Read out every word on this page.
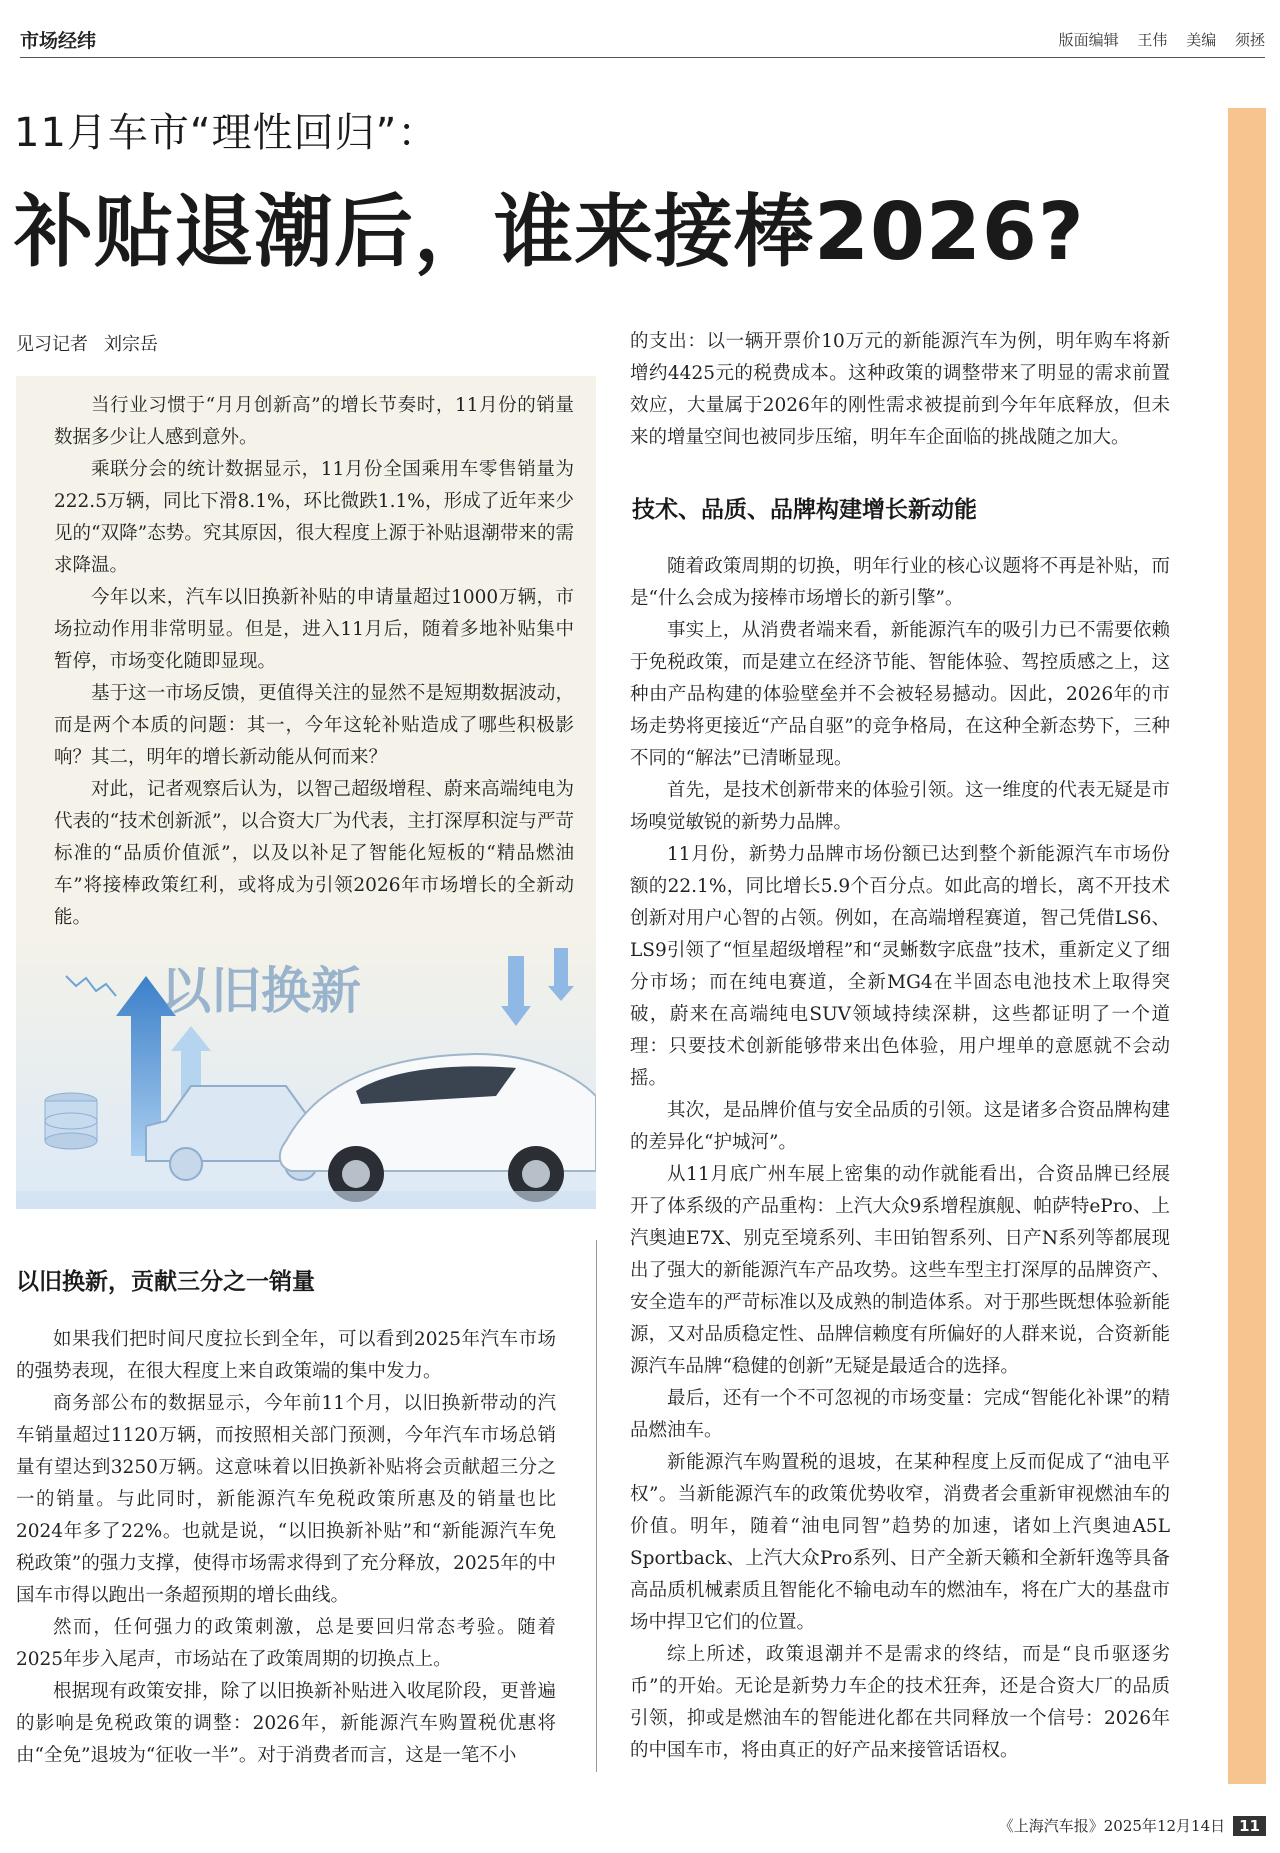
市场经纬	版面编辑 王伟 美编 须拯
11月车市“理性回归”：
补贴退潮后，谁来接棒2026?
见习记者 刘宗岳

当行业习惯于“月月创新高”的增长节奏时，11月份的销量数据多少让人感到意外。

乘联分会的统计数据显示，11月份全国乘用车零售销量为222.5万辆，同比下滑8.1%，环比微跌1.1%，形成了近年来少见的“双降”态势。究其原因，很大程度上源于补贴退潮带来的需求降温。

今年以来，汽车以旧换新补贴的申请量超过1000万辆，市场拉动作用非常明显。但是，进入11月后，随着多地补贴集中暂停，市场变化随即显现。

基于这一市场反馈，更值得关注的显然不是短期数据波动，而是两个本质的问题：其一，今年这轮补贴造成了哪些积极影响？其二，明年的增长新动能从何而来？

对此，记者观察后认为，以智己超级增程、蔚来高端纯电为代表的“技术创新派”，以合资大厂为代表，主打深厚积淀与严苛标准的“品质价值派”，以及以补足了智能化短板的“精品燃油车”将接棒政策红利，或将成为引领2026年市场增长的全新动能。

以旧换新
以旧换新，贡献三分之一销量

如果我们把时间尺度拉长到全年，可以看到2025年汽车市场的强势表现，在很大程度上来自政策端的集中发力。

商务部公布的数据显示，今年前11个月，以旧换新带动的汽车销量超过1120万辆，而按照相关部门预测，今年汽车市场总销量有望达到3250万辆。这意味着以旧换新补贴将会贡献超三分之一的销量。与此同时，新能源汽车免税政策所惠及的销量也比2024年多了22%。也就是说，“以旧换新补贴”和“新能源汽车免税政策”的强力支撑，使得市场需求得到了充分释放，2025年的中国车市得以跑出一条超预期的增长曲线。

然而，任何强力的政策刺激，总是要回归常态考验。随着2025年步入尾声，市场站在了政策周期的切换点上。

根据现有政策安排，除了以旧换新补贴进入收尾阶段，更普遍的影响是免税政策的调整：2026年，新能源汽车购置税优惠将由“全免”退坡为“征收一半”。对于消费者而言，这是一笔不小

的支出：以一辆开票价10万元的新能源汽车为例，明年购车将新增约4425元的税费成本。这种政策的调整带来了明显的需求前置效应，大量属于2026年的刚性需求被提前到今年年底释放，但未来的增量空间也被同步压缩，明年车企面临的挑战随之加大。

技术、品质、品牌构建增长新动能

随着政策周期的切换，明年行业的核心议题将不再是补贴，而是“什么会成为接棒市场增长的新引擎”。

事实上，从消费者端来看，新能源汽车的吸引力已不需要依赖于免税政策，而是建立在经济节能、智能体验、驾控质感之上，这种由产品构建的体验壁垒并不会被轻易撼动。因此，2026年的市场走势将更接近“产品自驱”的竞争格局，在这种全新态势下，三种不同的“解法”已清晰显现。

首先，是技术创新带来的体验引领。这一维度的代表无疑是市场嗅觉敏锐的新势力品牌。

11月份，新势力品牌市场份额已达到整个新能源汽车市场份额的22.1%，同比增长5.9个百分点。如此高的增长，离不开技术创新对用户心智的占领。例如，在高端增程赛道，智己凭借LS6、LS9引领了“恒星超级增程”和“灵蜥数字底盘”技术，重新定义了细分市场；而在纯电赛道，全新MG4在半固态电池技术上取得突破，蔚来在高端纯电SUV领域持续深耕，这些都证明了一个道理：只要技术创新能够带来出色体验，用户埋单的意愿就不会动摇。

其次，是品牌价值与安全品质的引领。这是诸多合资品牌构建的差异化“护城河”。

从11月底广州车展上密集的动作就能看出，合资品牌已经展开了体系级的产品重构：上汽大众9系增程旗舰、帕萨特ePro、上汽奥迪E7X、别克至境系列、丰田铂智系列、日产N系列等都展现出了强大的新能源汽车产品攻势。这些车型主打深厚的品牌资产、安全造车的严苛标准以及成熟的制造体系。对于那些既想体验新能源，又对品质稳定性、品牌信赖度有所偏好的人群来说，合资新能源汽车品牌“稳健的创新”无疑是最适合的选择。

最后，还有一个不可忽视的市场变量：完成“智能化补课”的精品燃油车。

新能源汽车购置税的退坡，在某种程度上反而促成了“油电平权”。当新能源汽车的政策优势收窄，消费者会重新审视燃油车的价值。明年，随着“油电同智”趋势的加速，诸如上汽奥迪A5L Sportback、上汽大众Pro系列、日产全新天籁和全新轩逸等具备高品质机械素质且智能化不输电动车的燃油车，将在广大的基盘市场中捍卫它们的位置。

综上所述，政策退潮并不是需求的终结，而是“良币驱逐劣币”的开始。无论是新势力车企的技术狂奔，还是合资大厂的品质引领，抑或是燃油车的智能进化都在共同释放一个信号：2026年的中国车市，将由真正的好产品来接管话语权。

《上海汽车报》2025年12月14日 11
